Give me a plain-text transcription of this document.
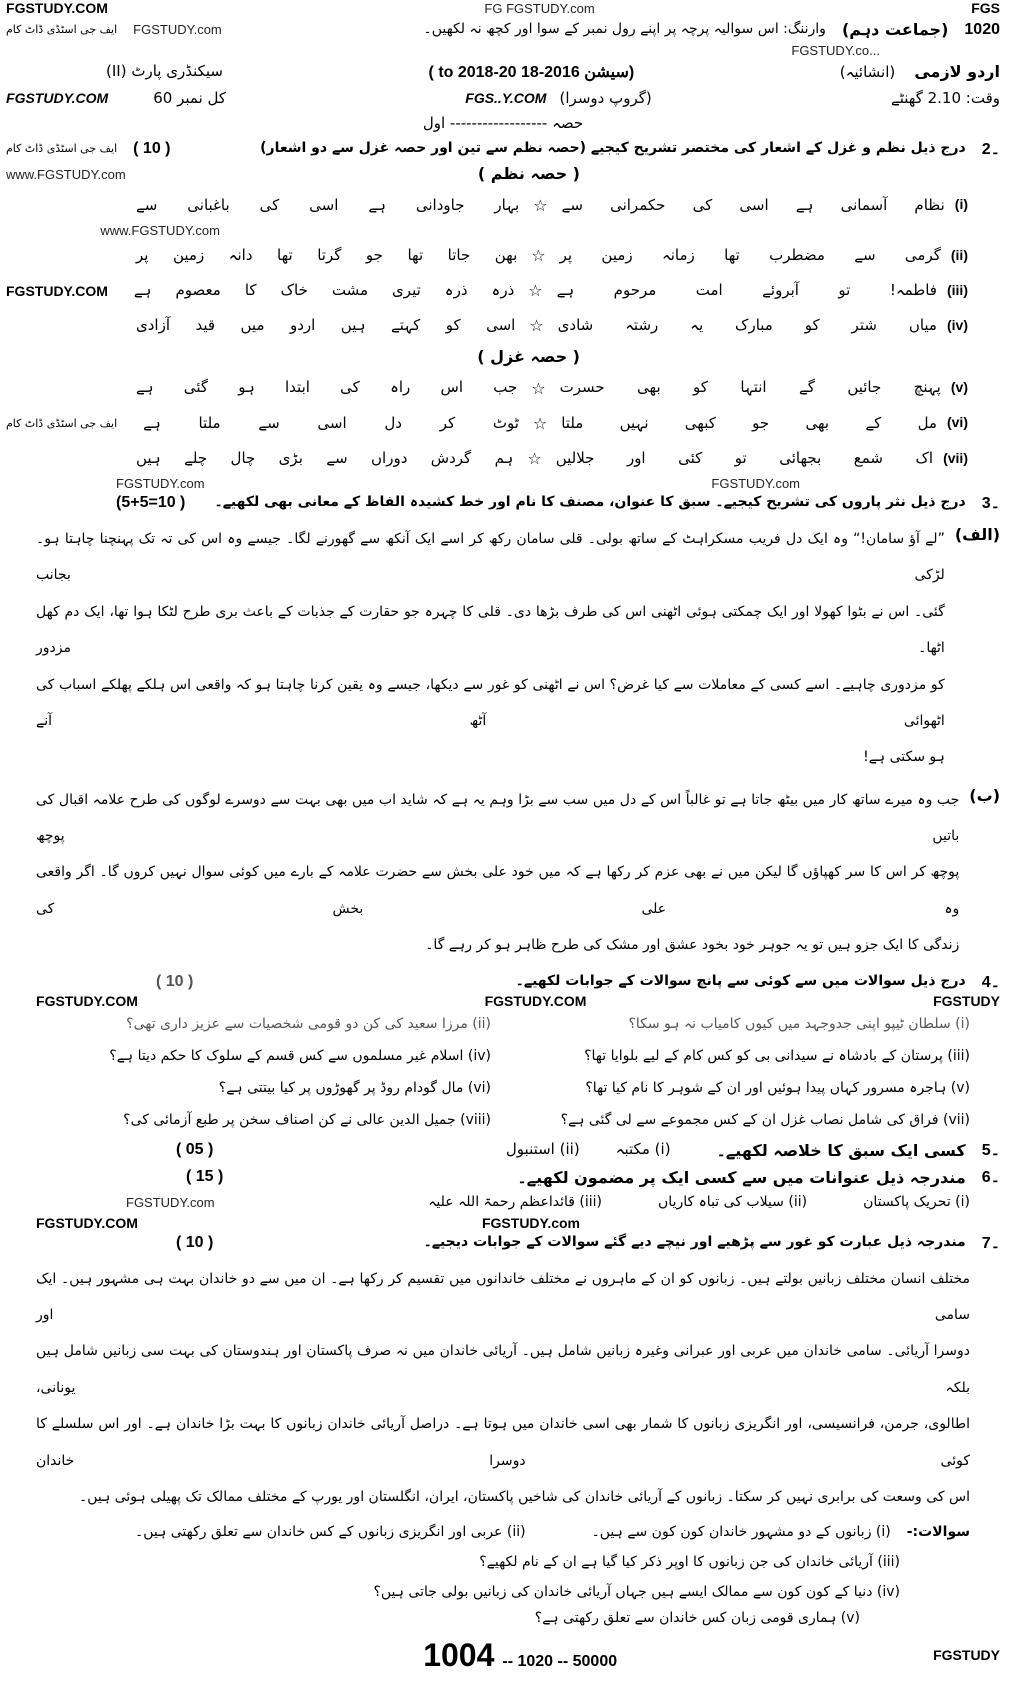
FGS
FG FGSTUDY.com
FGSTUDY.COM
1020
(جماعت دہم)
وارننگ: اس سوالیہ پرچہ پر اپنے رول نمبر کے سوا اور کچھ نہ لکھیں۔
FGSTUDY.com
ایف جی اسٹڈی ڈاٹ کام
FGSTUDY.co...
اردو لازمی (انشائیہ)
(سیشن 2016-18 to 2018-20 )
سیکنڈری پارٹ (II)
وقت: 2.10 گھنٹے
(گروپ دوسرا) FGS..Y.COM
کل نمبر 60 FGSTUDY.COM
حصہ ------------------ اول
2۔
درج ذیل نظم و غزل کے اشعار کی مختصر تشریح کیجیے (حصہ نظم سے تین اور حصہ غزل سے دو اشعار)
( 10 )
ایف جی اسٹڈی ڈاٹ کام
( حصہ نظم )
www.FGSTUDY.com
(i)
نظام آسمانی ہے اسی کی حکمرانی سے
☆
بہار جاودانی ہے اسی کی باغبانی سے
www.FGSTUDY.com
(ii)
گرمی سے مضطرب تھا زمانہ زمین پر
☆
بھن جاتا تھا جو گرتا تھا دانہ زمین پر
(iii)
فاطمہ! تو آبروئے امت مرحوم ہے
☆
ذرہ ذرہ تیری مشت خاک کا معصوم ہے
FGSTUDY.COM
(iv)
میاں شتر کو مبارک یہ رشتہ شادی
☆
اسی کو کہتے ہیں اردو میں قید آزادی
( حصہ غزل )
(v)
پہنچ جائیں گے انتہا کو بھی حسرت
☆
جب اس راہ کی ابتدا ہو گئی ہے
(vi)
مل کے بھی جو کبھی نہیں ملتا
☆
ٹوٹ کر دل اسی سے ملتا ہے
ایف جی اسٹڈی ڈاٹ کام
(vii)
اک شمع بجھائی تو کئی اور جلالیں
☆
ہم گردش دوراں سے بڑی چال چلے ہیں
FGSTUDY.com
FGSTUDY.com
3۔
درج ذیل نثر پاروں کی تشریح کیجیے۔ سبق کا عنوان، مصنف کا نام اور خط کشیدہ الفاظ کے معانی بھی لکھیے۔
(5+5=10 )
(الف)
”لے آؤ سامان!“ وہ ایک دل فریب مسکراہٹ کے ساتھ بولی۔ قلی سامان رکھ کر اسے ایک آنکھ سے گھورنے لگا۔ جیسے وہ اس کی تہ تک پہنچنا چاہتا ہو۔ لڑکی بجانب
گئی۔ اس نے بٹوا کھولا اور ایک چمکتی ہوئی اٹھنی اس کی طرف بڑھا دی۔ قلی کا چہرہ جو حقارت کے جذبات کے باعث بری طرح لٹکا ہوا تھا، ایک دم کھل اٹھا۔ مزدور
کو مزدوری چاہیے۔ اسے کسی کے معاملات سے کیا غرض؟ اس نے اٹھنی کو غور سے دیکھا، جیسے وہ یقین کرنا چاہتا ہو کہ واقعی اس ہلکے پھلکے اسباب کی اٹھوائی آٹھ آنے
ہو سکتی ہے!
(ب)
جب وہ میرے ساتھ کار میں بیٹھ جاتا ہے تو غالباً اس کے دل میں سب سے بڑا وہم یہ ہے کہ شاید اب میں بھی بہت سے دوسرے لوگوں کی طرح علامہ اقبال کی باتیں پوچھ
پوچھ کر اس کا سر کھپاؤں گا لیکن میں نے بھی عزم کر رکھا ہے کہ میں خود علی بخش سے حضرت علامہ کے بارے میں کوئی سوال نہیں کروں گا۔ اگر واقعی وہ علی بخش کی
زندگی کا ایک جزو ہیں تو یہ جوہر خود بخود عشق اور مشک کی طرح ظاہر ہو کر رہے گا۔
4۔
درج ذیل سوالات میں سے کوئی سے پانچ سوالات کے جوابات لکھیے۔
( 10 )
FGSTUDY
FGSTUDY.COM
FGSTUDY.COM
(i) سلطان ٹیپو اپنی جدوجہد میں کیوں کامیاب نہ ہو سکا؟
(ii) مرزا سعید کی کن دو قومی شخصیات سے عزیز داری تھی؟
(iii) پرستان کے بادشاہ نے سیدانی بی کو کس کام کے لیے بلوایا تھا؟
(iv) اسلام غیر مسلموں سے کس قسم کے سلوک کا حکم دیتا ہے؟
(v) ہاجرہ مسرور کہاں پیدا ہوئیں اور ان کے شوہر کا نام کیا تھا؟
(vi) مال گودام روڈ پر گھوڑوں پر کیا بیتتی ہے؟
(vii) فراق کی شامل نصاب غزل ان کے کس مجموعے سے لی گئی ہے؟
(viii) جمیل الدین عالی نے کن اصناف سخن پر طبع آزمائی کی؟
5۔
کسی ایک سبق کا خلاصہ لکھیے۔
(i) مکتبہ
(ii) استنبول
( 05 )
6۔
مندرجہ ذیل عنوانات میں سے کسی ایک پر مضمون لکھیے۔
( 15 )
(i) تحریک پاکستان
(ii) سیلاب کی تباہ کاریاں
(iii) قائداعظم رحمۃ اللہ علیہ
FGSTUDY.com
FGSTUDY.com
FGSTUDY.COM
7۔
مندرجہ ذیل عبارت کو غور سے پڑھیے اور نیچے دیے گئے سوالات کے جوابات دیجیے۔
( 10 )
مختلف انسان مختلف زبانیں بولتے ہیں۔ زبانوں کو ان کے ماہروں نے مختلف خاندانوں میں تقسیم کر رکھا ہے۔ ان میں سے دو خاندان بہت ہی مشہور ہیں۔ ایک سامی اور
دوسرا آریائی۔ سامی خاندان میں عربی اور عبرانی وغیرہ زبانیں شامل ہیں۔ آریائی خاندان میں نہ صرف پاکستان اور ہندوستان کی بہت سی زبانیں شامل ہیں بلکہ یونانی،
اطالوی، جرمن، فرانسیسی، اور انگریزی زبانوں کا شمار بھی اسی خاندان میں ہوتا ہے۔ دراصل آریائی خاندان زبانوں کا بہت بڑا خاندان ہے۔ اور اس سلسلے کا کوئی دوسرا خاندان
اس کی وسعت کی برابری نہیں کر سکتا۔ زبانوں کے آریائی خاندان کی شاخیں پاکستان، ایران، انگلستان اور یورپ کے مختلف ممالک تک پھیلی ہوئی ہیں۔
سوالات:-
(i) زبانوں کے دو مشہور خاندان کون کون سے ہیں۔
(ii) عربی اور انگریزی زبانوں کے کس خاندان سے تعلق رکھتی ہیں۔
(iii) آریائی خاندان کی جن زبانوں کا اوپر ذکر کیا گیا ہے ان کے نام لکھیے؟
(iv) دنیا کے کون کون سے ممالک ایسے ہیں جہاں آریائی خاندان کی زبانیں بولی جاتی ہیں؟
(v) ہماری قومی زبان کس خاندان سے تعلق رکھتی ہے؟
FGSTUDY
1004 -- 1020 -- 50000
